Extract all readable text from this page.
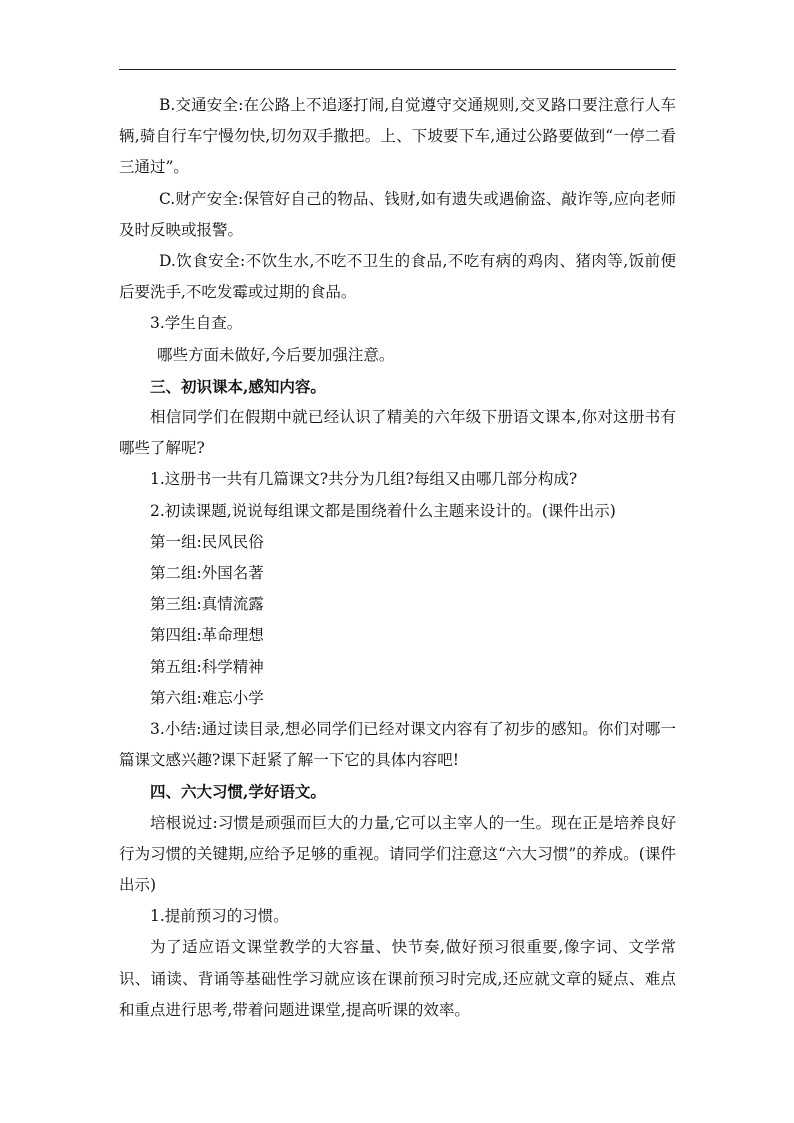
B.交通安全:在公路上不追逐打闹,自觉遵守交通规则,交叉路口要注意行人车辆,骑自行车宁慢勿快,切勿双手撒把。上、下坡要下车,通过公路要做到“一停二看三通过”。

C.财产安全:保管好自己的物品、钱财,如有遗失或遇偷盗、敲诈等,应向老师及时反映或报警。

D.饮食安全:不饮生水,不吃不卫生的食品,不吃有病的鸡肉、猪肉等,饭前便后要洗手,不吃发霉或过期的食品。

3.学生自查。

哪些方面未做好,今后要加强注意。

三、初识课本,感知内容。

相信同学们在假期中就已经认识了精美的六年级下册语文课本,你对这册书有哪些了解呢?

1.这册书一共有几篇课文?共分为几组?每组又由哪几部分构成?

2.初读课题,说说每组课文都是围绕着什么主题来设计的。(课件出示)

第一组:民风民俗

第二组:外国名著

第三组:真情流露

第四组:革命理想

第五组:科学精神

第六组:难忘小学

3.小结:通过读目录,想必同学们已经对课文内容有了初步的感知。你们对哪一篇课文感兴趣?课下赶紧了解一下它的具体内容吧!

四、六大习惯,学好语文。

培根说过:习惯是顽强而巨大的力量,它可以主宰人的一生。现在正是培养良好行为习惯的关键期,应给予足够的重视。请同学们注意这“六大习惯”的养成。(课件出示)

1.提前预习的习惯。

为了适应语文课堂教学的大容量、快节奏,做好预习很重要,像字词、文学常识、诵读、背诵等基础性学习就应该在课前预习时完成,还应就文章的疑点、难点和重点进行思考,带着问题进课堂,提高听课的效率。
